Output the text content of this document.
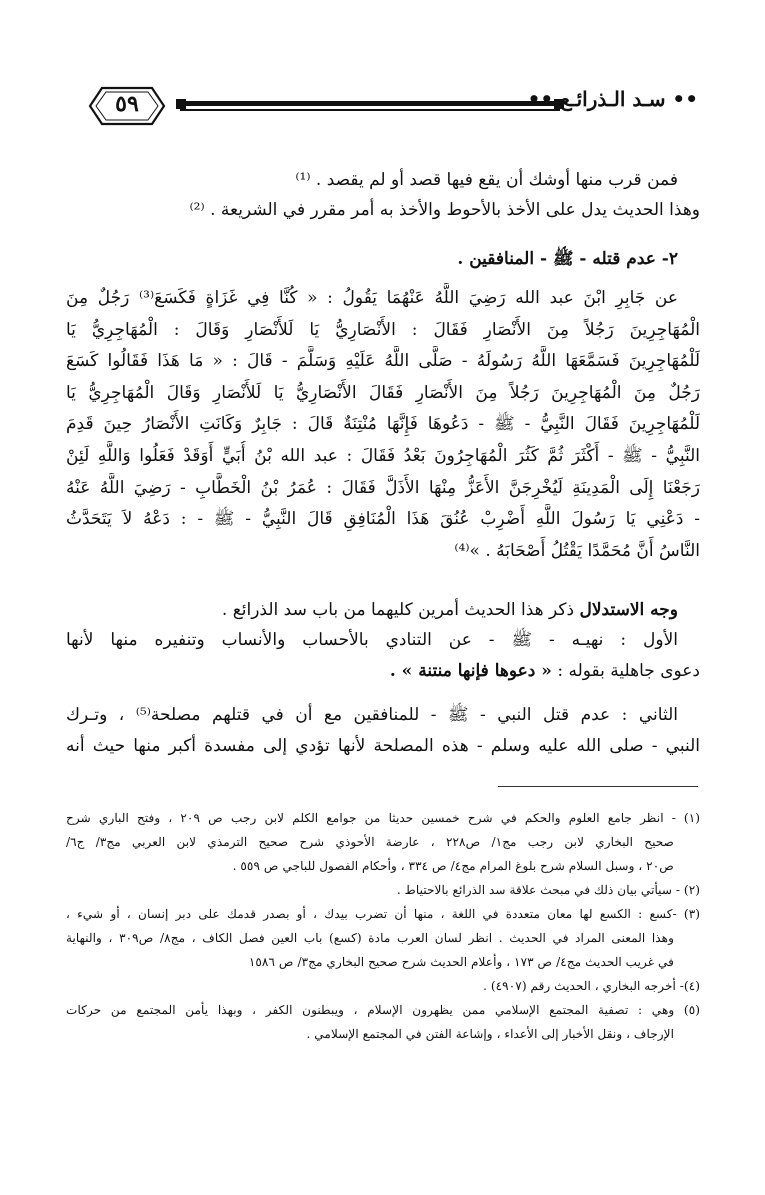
٥٩	•• سـد الـذرائـع ••
فمن قرب منها أوشك أن يقع فيها قصد أو لم يقصد . ⁽¹⁾
وهذا الحديث يدل على الأخذ بالأحوط والأخذ به أمر مقرر في الشريعة . ⁽²⁾
٢- عدم قتله - ﷺ - المنافقين .
عن جَابِرِ ابْنَ عبد الله رَضِيَ اللَّهُ عَنْهُمَا يَقُولُ : « كُنَّا فِي غَزَاةٍ فَكَسَعَ⁽³⁾ رَجُلٌ مِنَ
الْمُهَاجِرِينَ رَجُلاً مِنَ الأَنْصَارِ فَقَالَ : الأَنْصَارِيُّ يَا لَلأَنْصَارِ وَقَالَ : الْمُهَاجِرِيُّ يَا
لَلْمُهَاجِرِينَ فَسَمَّعَهَا اللَّهُ رَسُولَهُ - صَلَّى اللَّهُ عَلَيْهِ وَسَلَّمَ - قَالَ : « مَا هَذَا فَقَالُوا كَسَعَ
رَجُلٌ مِنَ الْمُهَاجِرِينَ رَجُلاً مِنَ الأَنْصَارِ فَقَالَ الأَنْصَارِيُّ يَا لَلأَنْصَارِ وَقَالَ الْمُهَاجِرِيُّ يَا
لَلْمُهَاجِرِينَ فَقَالَ النَّبِيُّ - ﷺ - دَعُوهَا فَإِنَّهَا مُنْتِنَةٌ قَالَ : جَابِرٌ وَكَانَتِ الأَنْصَارُ حِينَ قَدِمَ
النَّبِيُّ - ﷺ - أَكْثَرَ ثُمَّ كَثُرَ الْمُهَاجِرُونَ بَعْدُ فَقَالَ : عبد الله بْنُ أُبَيٍّ أَوَقَدْ فَعَلُوا وَاللَّهِ لَئِنْ
رَجَعْنَا إِلَى الْمَدِينَةِ لَيُخْرِجَنَّ الأَعَزُّ مِنْهَا الأَذَلَّ فَقَالَ : عُمَرُ بْنُ الْخَطَّابِ - رَضِيَ اللَّهُ عَنْهُ
- دَعْنِي يَا رَسُولَ اللَّهِ أَضْرِبْ عُنُقَ هَذَا الْمُنَافِقِ قَالَ النَّبِيُّ - ﷺ - : دَعْهُ لاَ يَتَحَدَّثُ
النَّاسُ أَنَّ مُحَمَّدًا يَقْتُلُ أَصْحَابَهُ . »⁽⁴⁾
وجه الاستدلال ذكر هذا الحديث أمرين كليهما من باب سد الذرائع .
الأول : نهيـه - ﷺ - عن التنادي بالأحساب والأنساب وتنفيره منها لأنها
دعوى جاهلية بقوله : « دعوها فإنها منتنة » .
الثاني : عدم قتل النبي - ﷺ - للمنافقين مع أن في قتلهم مصلحة⁽⁵⁾ ، وتـرك
النبي - صلى الله عليه وسلم - هذه المصلحة لأنها تؤدي إلى مفسدة أكبر منها حيث أنه
(١) - انظر جامع العلوم والحكم في شرح خمسين حديثا من جوامع الكلم لابن رجب ص ٢٠٩ ، وفتح الباري شرح
صحيح البخاري لابن رجب مج١/ ص٢٢٨ ، عارضة الأحوذي شرح صحيح الترمذي لابن العربي مج٣/ ج٦/
ص٢٠ ، وسبل السلام شرح بلوغ المرام مج٤/ ص ٣٣٤ ، وأحكام الفصول للباجي ص ٥٥٩ .
(٢) - سيأتي بيان ذلك في مبحث علاقة سد الذرائع بالاحتياط .
(٣) -كسع : الكسع لها معان متعددة في اللغة ، منها أن تضرب بيدك ، أو بصدر قدمك على دبر إنسان ، أو شيء ،
وهذا المعنى المراد في الحديث . انظر لسان العرب مادة (كسع) باب العين فصل الكاف ، مج٨/ ص٣٠٩ ، والنهاية
في غريب الحديث مج٤/ ص ١٧٣ ، وأعلام الحديث شرح صحيح البخاري مج٣/ ص ١٥٨٦
(٤)- أخرجه البخاري ، الحديث رقم (٤٩٠٧) .
(٥) وهي : تصفية المجتمع الإسلامي ممن يظهرون الإسلام ، ويبطنون الكفر ، وبهذا يأمن المجتمع من حركات
الإرجاف ، ونقل الأخبار إلى الأعداء ، وإشاعة الفتن في المجتمع الإسلامي .
